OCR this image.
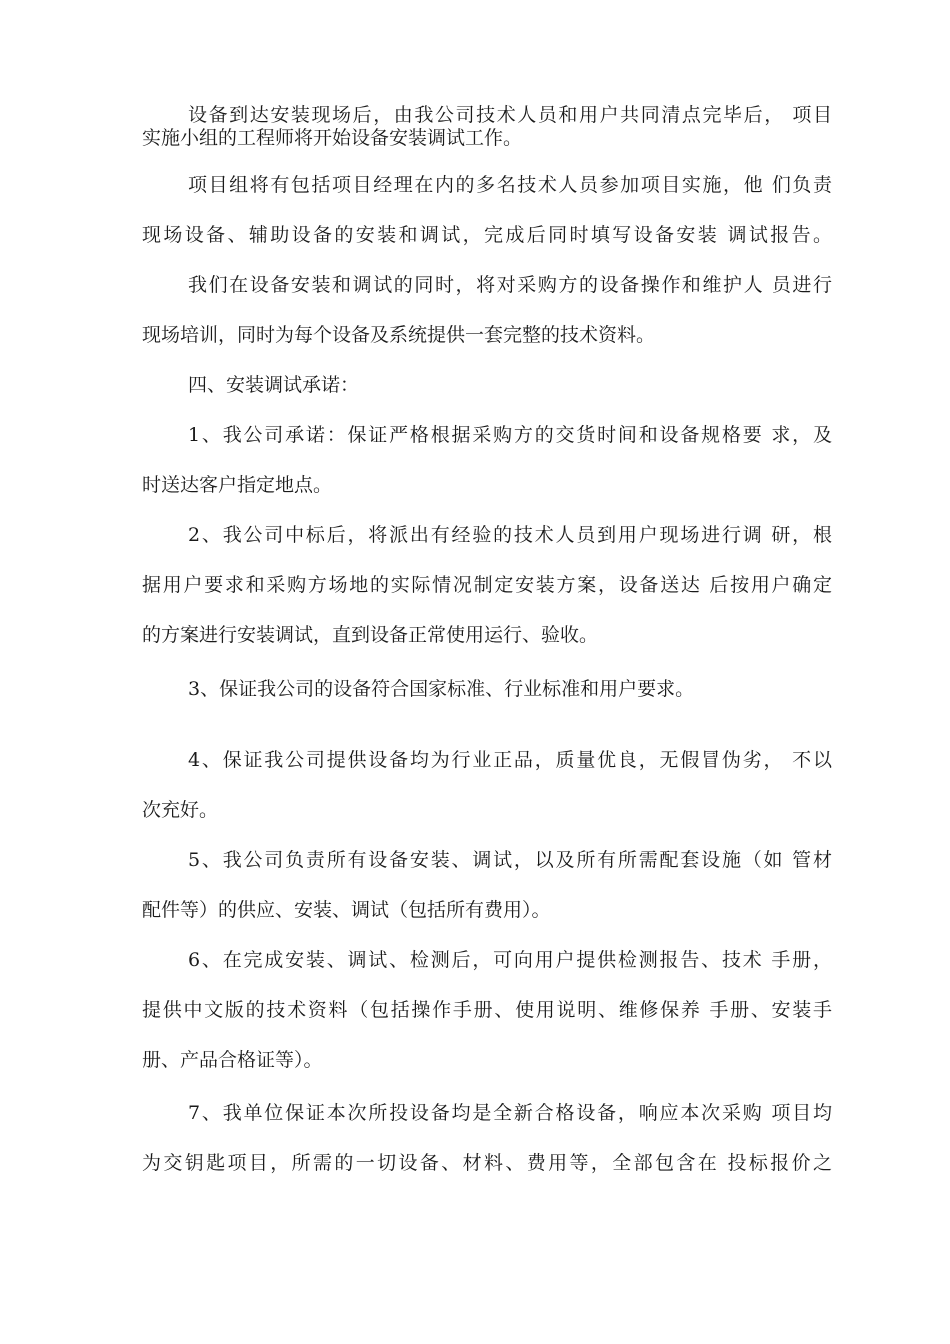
设备到达安装现场后，由我公司技术人员和用户共同清点完毕后， 项目
实施小组的工程师将开始设备安装调试工作。
项目组将有包括项目经理在内的多名技术人员参加项目实施，他 们负责
现场设备、辅助设备的安装和调试，完成后同时填写设备安装 调试报告。
我们在设备安装和调试的同时，将对采购方的设备操作和维护人 员进行
现场培训，同时为每个设备及系统提供一套完整的技术资料。
四、安装调试承诺：
1、我公司承诺：保证严格根据采购方的交货时间和设备规格要 求，及
时送达客户指定地点。
2、我公司中标后，将派出有经验的技术人员到用户现场进行调 研，根
据用户要求和采购方场地的实际情况制定安装方案，设备送达 后按用户确定
的方案进行安装调试，直到设备正常使用运行、验收。
3、保证我公司的设备符合国家标准、行业标准和用户要求。
4、保证我公司提供设备均为行业正品，质量优良，无假冒伪劣， 不以
次充好。
5、我公司负责所有设备安装、调试，以及所有所需配套设施（如 管材
配件等）的供应、安装、调试（包括所有费用）。
6、在完成安装、调试、检测后，可向用户提供检测报告、技术 手册，
提供中文版的技术资料（包括操作手册、使用说明、维修保养 手册、安装手
册、产品合格证等）。
7、我单位保证本次所投设备均是全新合格设备，响应本次采购 项目均
为交钥匙项目，所需的一切设备、材料、费用等，全部包含在 投标报价之
